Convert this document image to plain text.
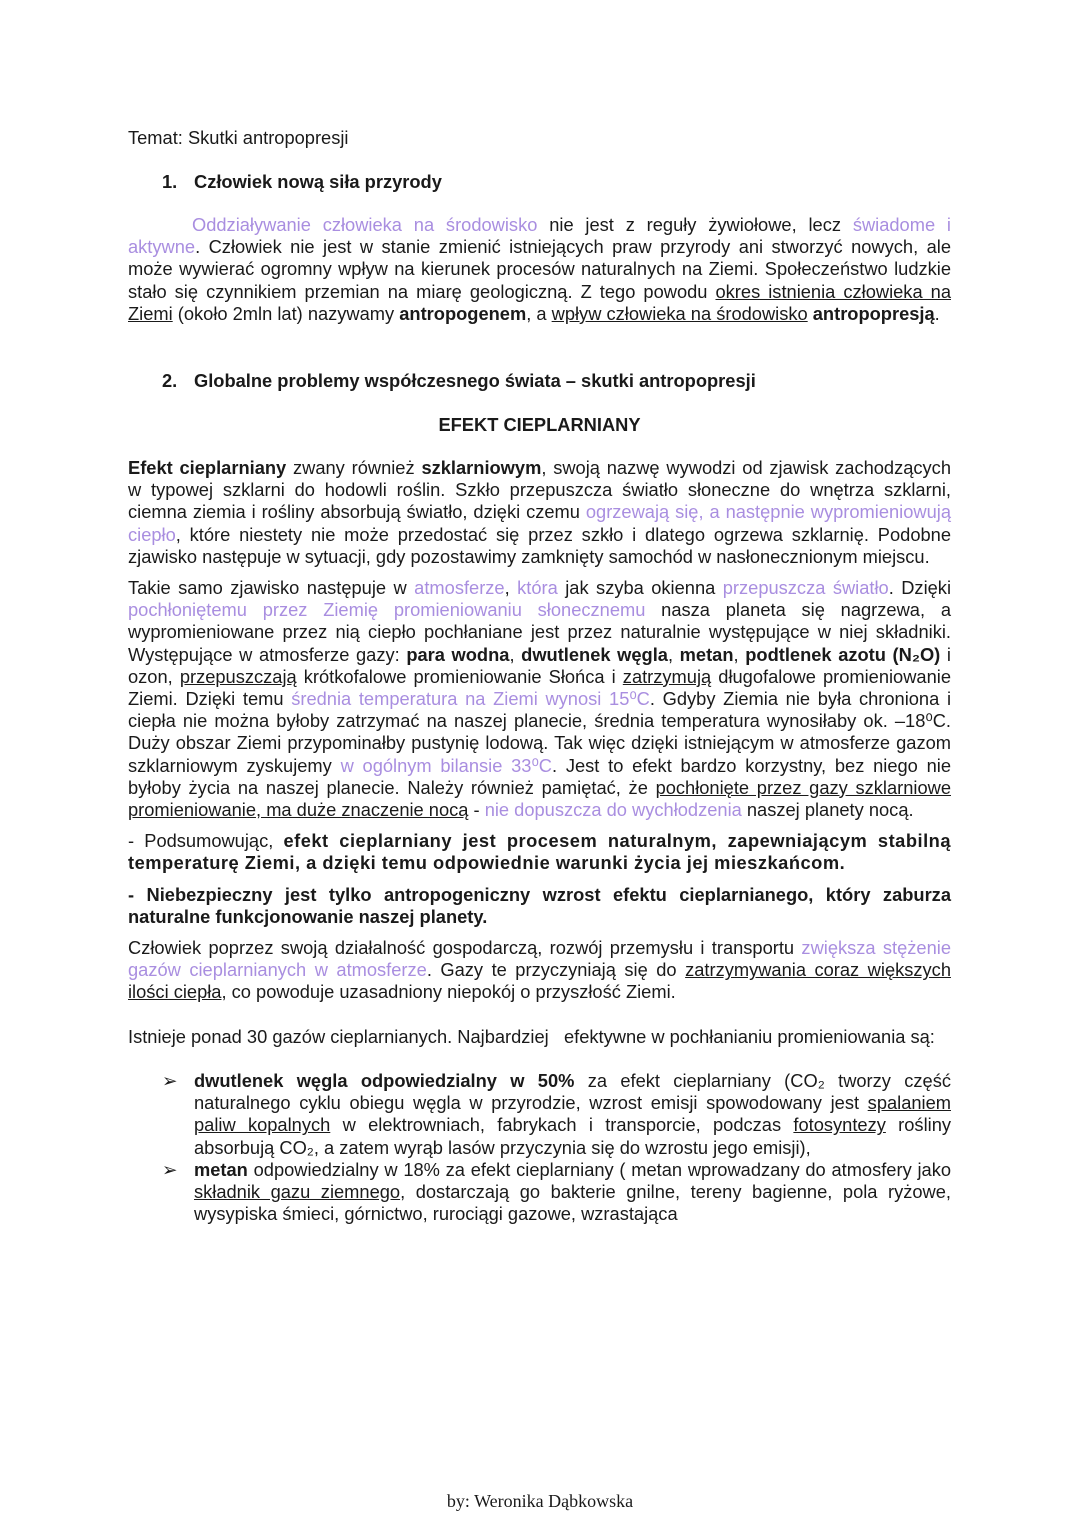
Temat: Skutki antropopresji

1. Człowiek nową siła przyrody

Oddziaływanie człowieka na środowisko nie jest z reguły żywiołowe, lecz świadome i aktywne. Człowiek nie jest w stanie zmienić istniejących praw przyrody ani stworzyć nowych, ale może wywierać ogromny wpływ na kierunek procesów naturalnych na Ziemi. Społeczeństwo ludzkie stało się czynnikiem przemian na miarę geologiczną. Z tego powodu okres istnienia człowieka na Ziemi (około 2mln lat) nazywamy antropogenem, a wpływ człowieka na środowisko antropopresją.

2. Globalne problemy współczesnego świata – skutki antropopresji

EFEKT CIEPLARNIANY

Efekt cieplarniany zwany również szklarniowym, swoją nazwę wywodzi od zjawisk zachodzących w typowej szklarni do hodowli roślin. Szkło przepuszcza światło słoneczne do wnętrza szklarni, ciemna ziemia i rośliny absorbują światło, dzięki czemu ogrzewają się, a następnie wypromieniowują ciepło, które niestety nie może przedostać się przez szkło i dlatego ogrzewa szklarnię. Podobne zjawisko następuje w sytuacji, gdy pozostawimy zamknięty samochód w nasłonecznionym miejscu.

Takie samo zjawisko następuje w atmosferze, która jak szyba okienna przepuszcza światło. Dzięki pochłoniętemu przez Ziemię promieniowaniu słonecznemu nasza planeta się nagrzewa, a wypromieniowane przez nią ciepło pochłaniane jest przez naturalnie występujące w niej składniki. Występujące w atmosferze gazy: para wodna, dwutlenek węgla, metan, podtlenek azotu (N₂O) i ozon, przepuszczają krótkofalowe promieniowanie Słońca i zatrzymują długofalowe promieniowanie Ziemi. Dzięki temu średnia temperatura na Ziemi wynosi 15⁰C. Gdyby Ziemia nie była chroniona i ciepła nie można byłoby zatrzymać na naszej planecie, średnia temperatura wynosiłaby ok. –18⁰C. Duży obszar Ziemi przypominałby pustynię lodową. Tak więc dzięki istniejącym w atmosferze gazom szklarniowym zyskujemy w ogólnym bilansie 33⁰C. Jest to efekt bardzo korzystny, bez niego nie byłoby życia na naszej planecie. Należy również pamiętać, że pochłonięte przez gazy szklarniowe promieniowanie, ma duże znaczenie nocą - nie dopuszcza do wychłodzenia naszej planety nocą.

- Podsumowując, efekt cieplarniany jest procesem naturalnym, zapewniającym stabilną temperaturę Ziemi, a dzięki temu odpowiednie warunki życia jej mieszkańcom.

- Niebezpieczny jest tylko antropogeniczny wzrost efektu cieplarnianego, który zaburza naturalne funkcjonowanie naszej planety.

Człowiek poprzez swoją działalność gospodarczą, rozwój przemysłu i transportu zwiększa stężenie gazów cieplarnianych w atmosferze. Gazy te przyczyniają się do zatrzymywania coraz większych ilości ciepła, co powoduje uzasadniony niepokój o przyszłość Ziemi.

Istnieje ponad 30 gazów cieplarnianych. Najbardziej   efektywne w pochłanianiu promieniowania są:

➢ dwutlenek węgla odpowiedzialny w 50% za efekt cieplarniany (CO₂ tworzy część naturalnego cyklu obiegu węgla w przyrodzie, wzrost emisji spowodowany jest spalaniem paliw kopalnych w elektrowniach, fabrykach i transporcie, podczas fotosyntezy rośliny absorbują CO₂, a zatem wyrąb lasów przyczynia się do wzrostu jego emisji),
➢ metan odpowiedzialny w 18% za efekt cieplarniany ( metan wprowadzany do atmosfery jako składnik gazu ziemnego, dostarczają go bakterie gnilne, tereny bagienne, pola ryżowe, wysypiska śmieci, górnictwo, rurociągi gazowe, wzrastająca
by: Weronika Dąbkowska
